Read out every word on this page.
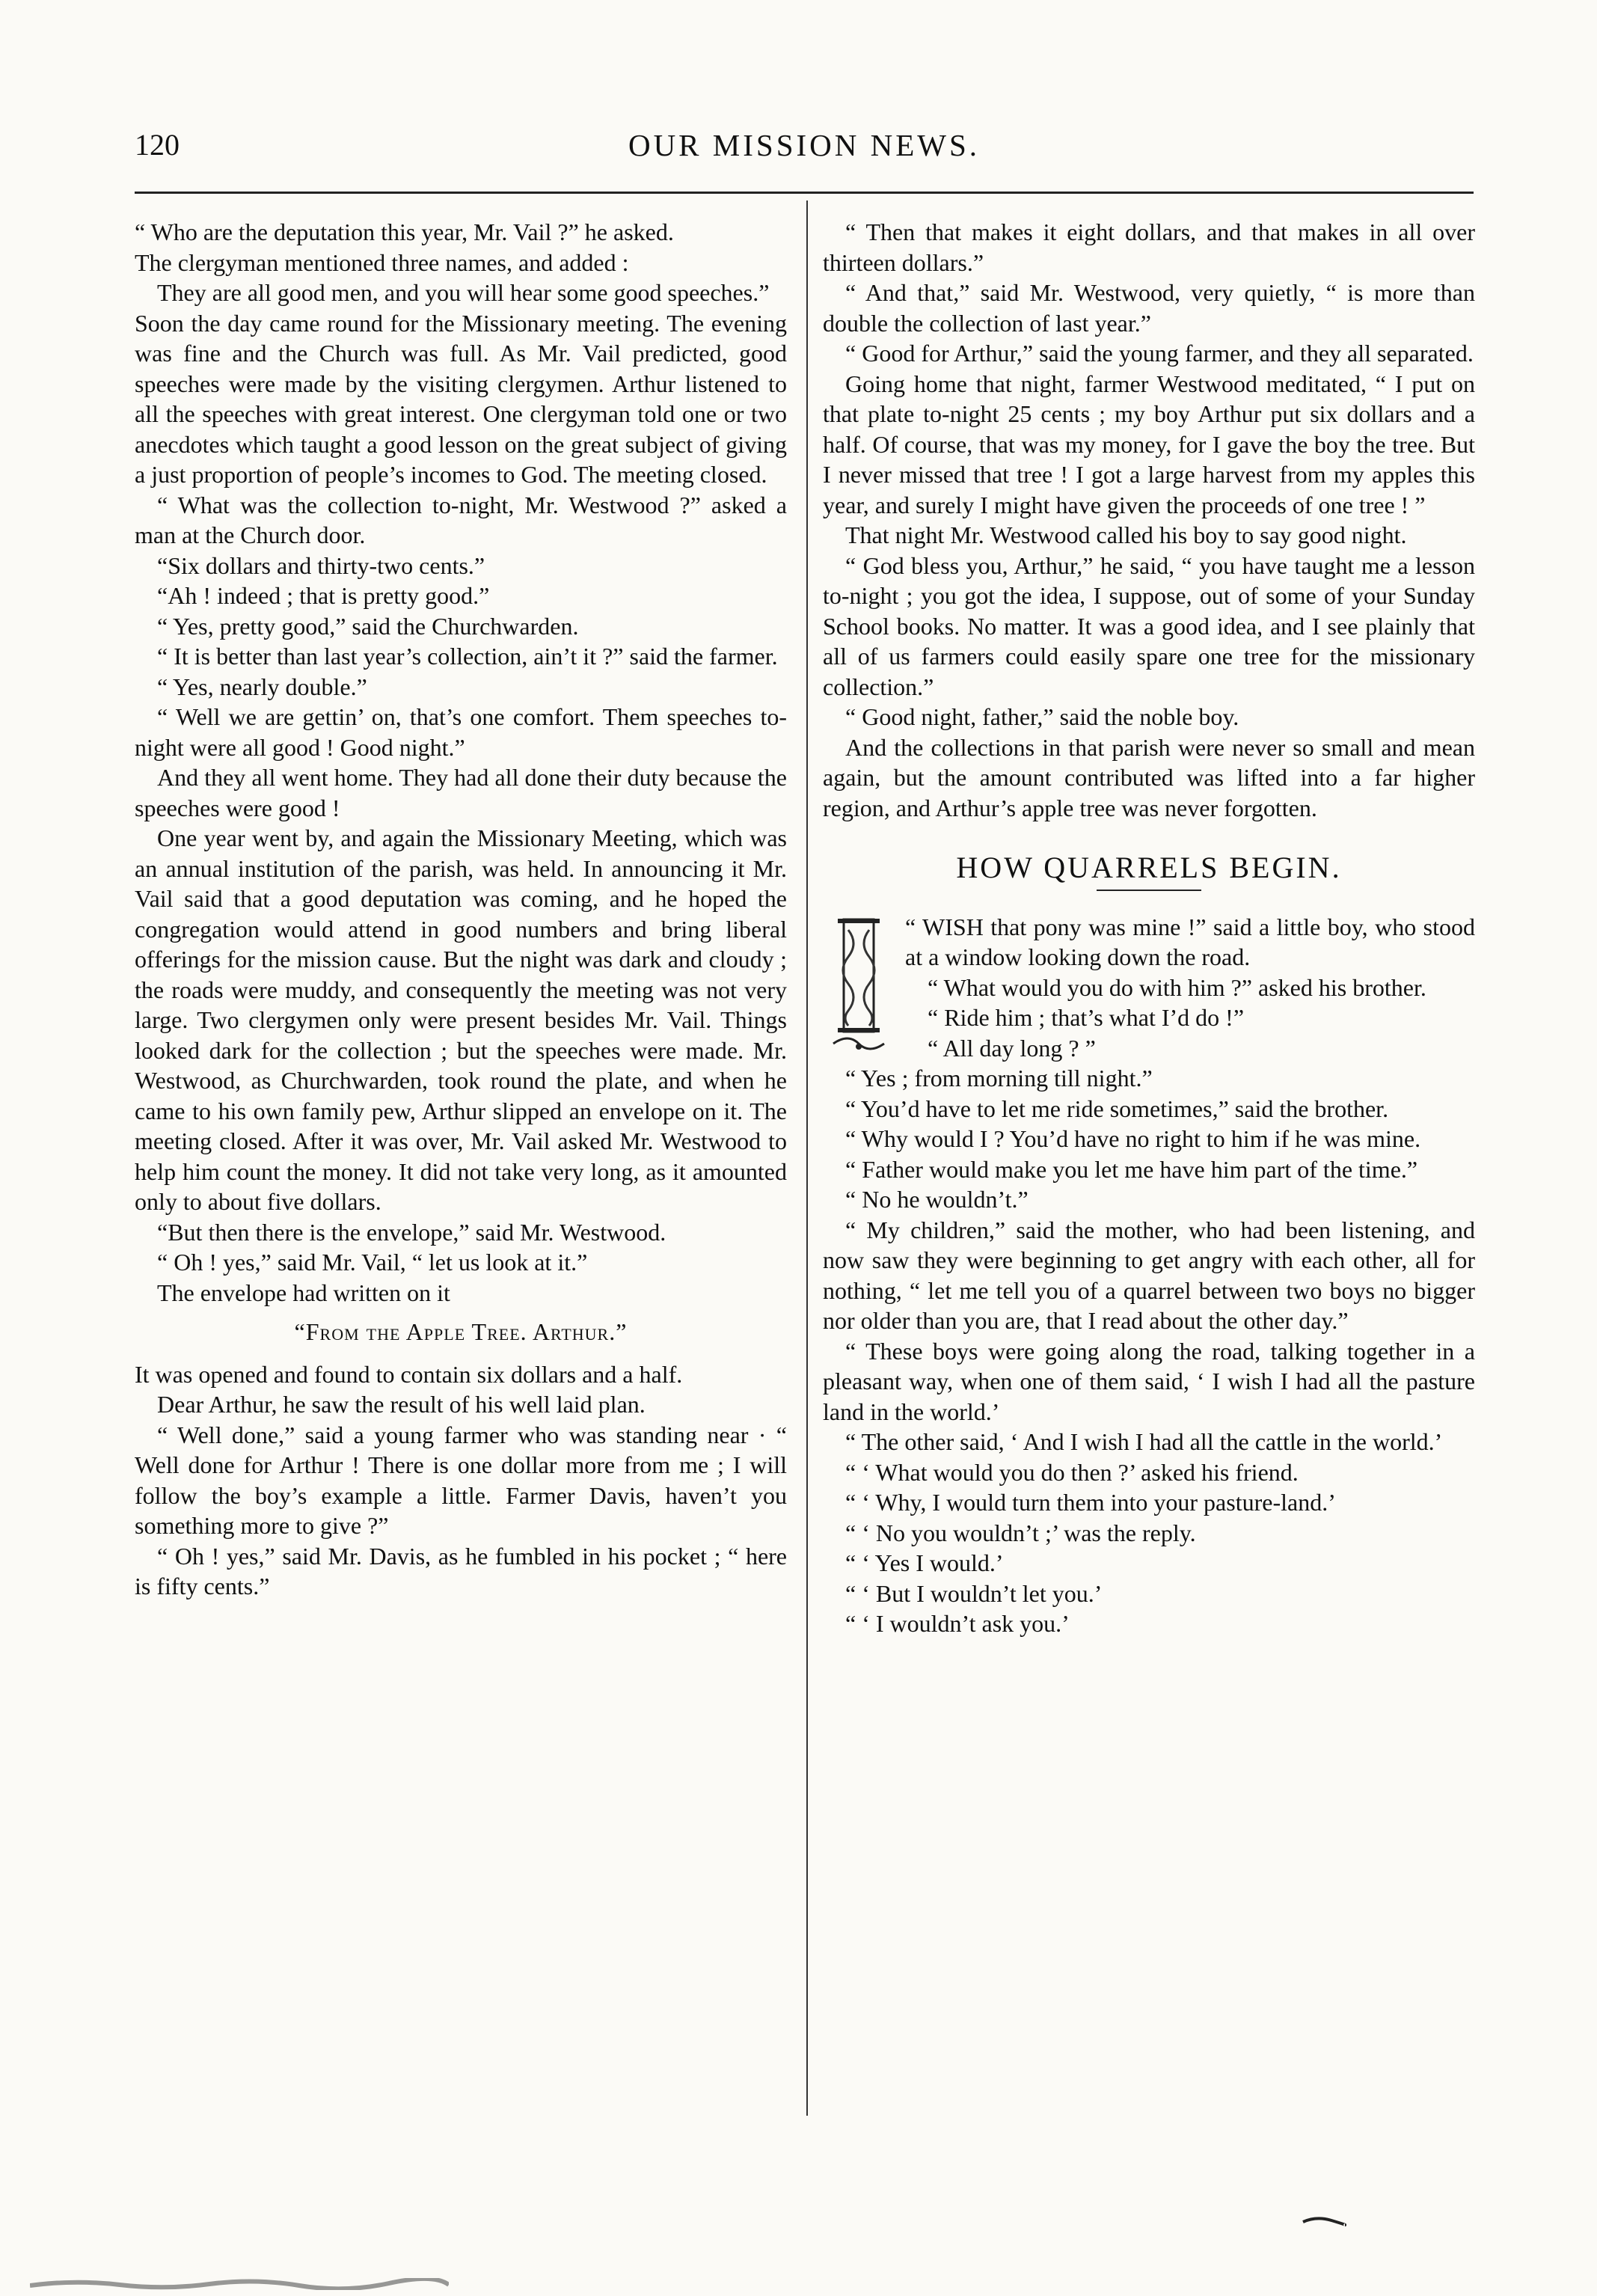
120	OUR MISSION NEWS.

“ Who are the deputation this year, Mr. Vail ?” he asked.

The clergyman mentioned three names, and added :

They are all good men, and you will hear some good speeches.”

Soon the day came round for the Missionary meeting. The evening was fine and the Church was full. As Mr. Vail predicted, good speeches were made by the visiting clergymen. Arthur listened to all the speeches with great interest. One clergyman told one or two anecdotes which taught a good lesson on the great subject of giving a just proportion of people’s incomes to God. The meeting closed.

“ What was the collection to-night, Mr. Westwood ?” asked a man at the Church door.

“Six dollars and thirty-two cents.”

“Ah ! indeed ; that is pretty good.”

“ Yes, pretty good,” said the Churchwarden.

“ It is better than last year’s collection, ain’t it ?” said the farmer.

“ Yes, nearly double.”

“ Well we are gettin’ on, that’s one comfort. Them speeches to-night were all good ! Good night.”

And they all went home. They had all done their duty because the speeches were good !

One year went by, and again the Missionary Meeting, which was an annual institution of the parish, was held. In announcing it Mr. Vail said that a good deputation was coming, and he hoped the congregation would attend in good numbers and bring liberal offerings for the mission cause. But the night was dark and cloudy ; the roads were muddy, and consequently the meeting was not very large. Two clergymen only were present besides Mr. Vail. Things looked dark for the collection ; but the speeches were made. Mr. Westwood, as Churchwarden, took round the plate, and when he came to his own family pew, Arthur slipped an envelope on it. The meeting closed. After it was over, Mr. Vail asked Mr. Westwood to help him count the money. It did not take very long, as it amounted only to about five dollars.

“But then there is the envelope,” said Mr. Westwood.

“ Oh ! yes,” said Mr. Vail, “ let us look at it.”

The envelope had written on it

“From the Apple Tree. Arthur.”

It was opened and found to contain six dollars and a half.

Dear Arthur, he saw the result of his well laid plan.

“ Well done,” said a young farmer who was standing near · “ Well done for Arthur ! There is one dollar more from me ; I will follow the boy’s example a little. Farmer Davis, haven’t you something more to give ?”

“ Oh ! yes,” said Mr. Davis, as he fumbled in his pocket ; “ here is fifty cents.”

“ Then that makes it eight dollars, and that makes in all over thirteen dollars.”

“ And that,” said Mr. Westwood, very quietly, “ is more than double the collection of last year.”

“ Good for Arthur,” said the young farmer, and they all separated.

Going home that night, farmer Westwood meditated, “ I put on that plate to-night 25 cents ; my boy Arthur put six dollars and a half. Of course, that was my money, for I gave the boy the tree. But I never missed that tree ! I got a large harvest from my apples this year, and surely I might have given the proceeds of one tree ! ”

That night Mr. Westwood called his boy to say good night.

“ God bless you, Arthur,” he said, “ you have taught me a lesson to-night ; you got the idea, I suppose, out of some of your Sunday School books. No matter. It was a good idea, and I see plainly that all of us farmers could easily spare one tree for the missionary collection.”

“ Good night, father,” said the noble boy.

And the collections in that parish were never so small and mean again, but the amount contributed was lifted into a far higher region, and Arthur’s apple tree was never forgotten.

HOW QUARRELS BEGIN.

“ WISH that pony was mine !” said a little boy, who stood at a window looking down the road.

“ What would you do with him ?” asked his brother.

“ Ride him ; that’s what I’d do !”

“ All day long ? ”

“ Yes ; from morning till night.”

“ You’d have to let me ride sometimes,” said the brother.

“ Why would I ? You’d have no right to him if he was mine.

“ Father would make you let me have him part of the time.”

“ No he wouldn’t.”

“ My children,” said the mother, who had been listening, and now saw they were beginning to get angry with each other, all for nothing, “ let me tell you of a quarrel between two boys no bigger nor older than you are, that I read about the other day.”

“ These boys were going along the road, talking together in a pleasant way, when one of them said, ‘ I wish I had all the pasture land in the world.’

“ The other said, ‘ And I wish I had all the cattle in the world.’

“ ‘ What would you do then ?’ asked his friend.

“ ‘ Why, I would turn them into your pasture-land.’

“ ‘ No you wouldn’t ;’ was the reply.

“ ‘ Yes I would.’

“ ‘ But I wouldn’t let you.’

“ ‘ I wouldn’t ask you.’
